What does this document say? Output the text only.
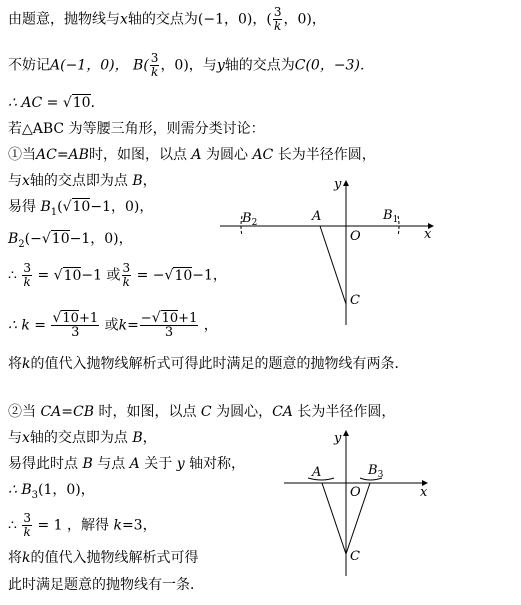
由题意，抛物线与x轴的交点为(−1，0)，( $\frac{3}{k}$ ，0)，
不妨记A(−1，0)， $B( \frac{3}{k}$ ，0)，与y轴的交点为C(0，−3)．
∴ AC = √10．
若△ABC 为等腰三角形，则需分类讨论：
①当AC=AB时，如图，以点 A 为圆心 AC 长为半径作圆，
与x轴的交点即为点 B，
易得 $B_1(√10-1$，0)，
$B_2(-√10-1$，0)，
∴ $\frac{3}{k} = √10-1$ 或 $\frac{3}{k} = -√10-1$，
∴ $k = \frac{√10+1}{3}$ 或$k= \frac{-√10+1}{3}$ ，
将k的值代入抛物线解析式可得此时满足的题意的抛物线有两条．
②当 CA=CB 时，如图，以点 C 为圆心，CA 长为半径作圆，
与x轴的交点即为点 B，
易得此时点 B 与点 A 关于 y 轴对称，
∴ $B_3(1$，0)，
∴ $\frac{3}{k} = 1$ ，解得 k=3，
将k的值代入抛物线解析式可得
此时满足题意的抛物线有一条．
y
x
O
A
$B_2$	$B_1$
C
y
x
O
A	$B_3$
C
